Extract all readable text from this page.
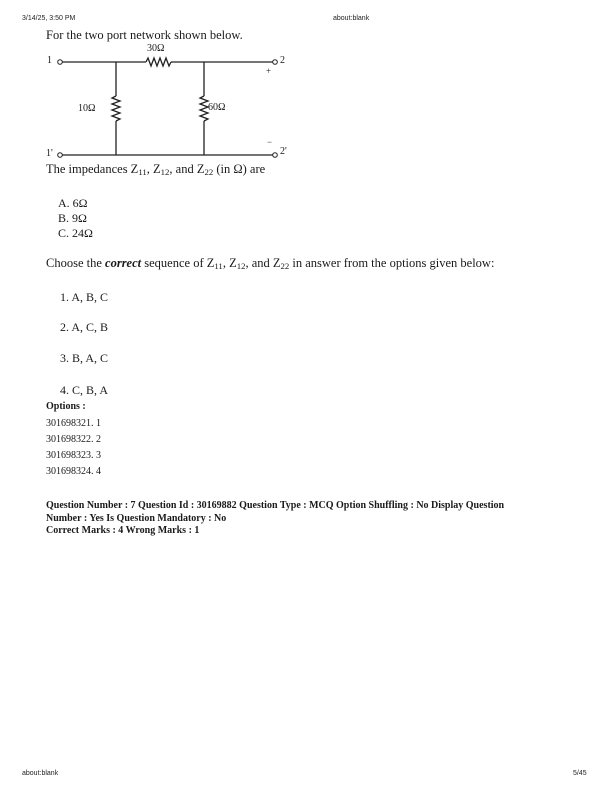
3/14/25, 3:50 PM	about:blank
For the two port network shown below.
30Ω
10Ω	60Ω
1
1'
2
2'
+
−
The impedances $Z_{11}$, $Z_{12}$, and $Z_{22}$ (in Ω) are
A. 6Ω
B. 9Ω
C. 24Ω
Choose the correct sequence of $Z_{11}$, $Z_{12}$, and $Z_{22}$ in answer from the options given below:
1. A, B, C
2. A, C, B
3. B, A, C
4. C, B, A
Options :
301698321. 1
301698322. 2
301698323. 3
301698324. 4
Question Number : 7 Question Id : 30169882 Question Type : MCQ Option Shuffling : No Display Question
Number : Yes Is Question Mandatory : No
Correct Marks : 4 Wrong Marks : 1
about:blank	5/45
